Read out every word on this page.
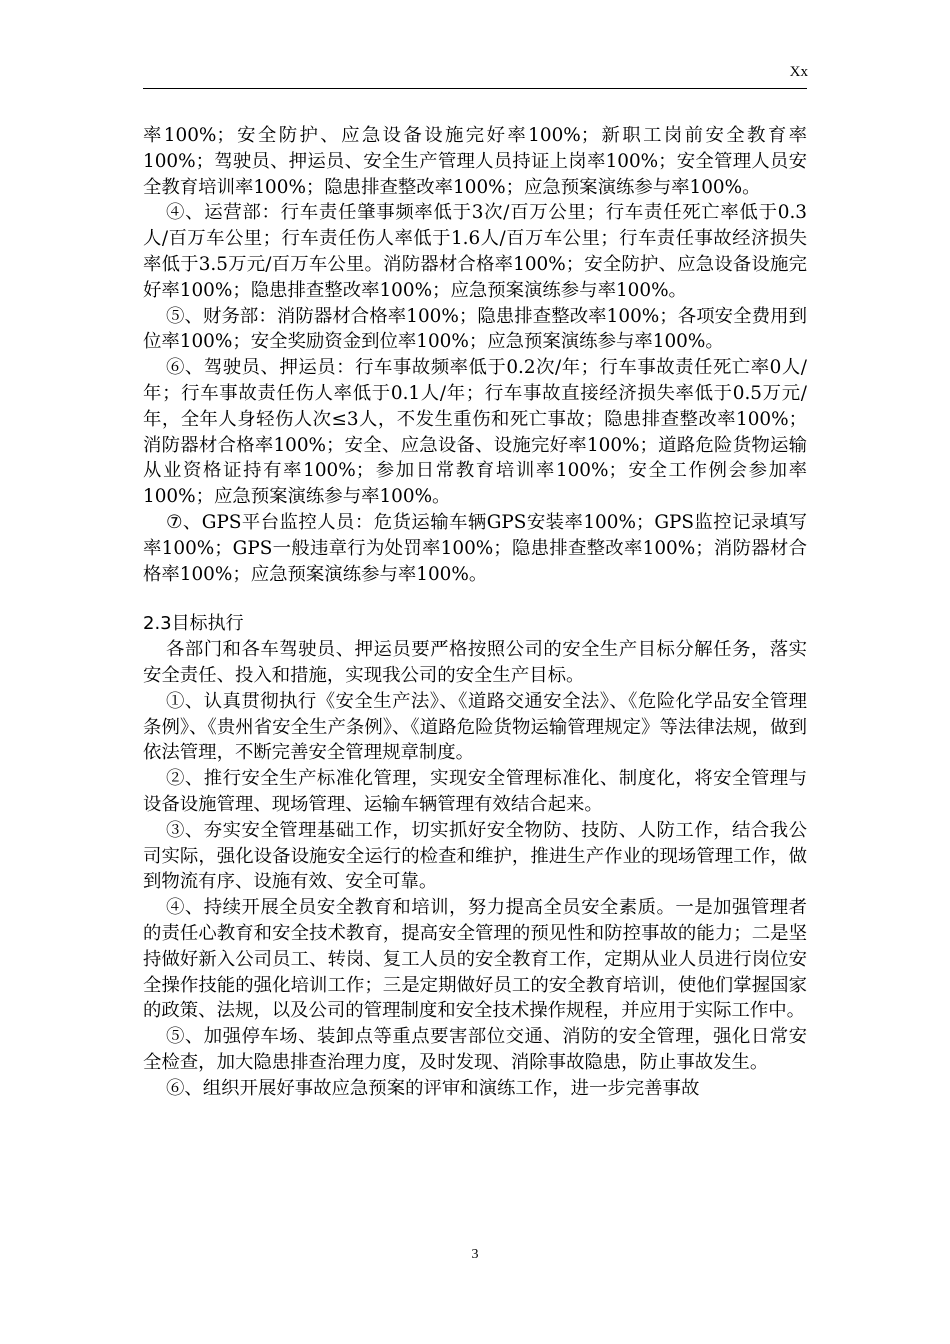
Xx

率100%；安全防护、应急设备设施完好率100%；新职工岗前安全教育率100%；驾驶员、押运员、安全生产管理人员持证上岗率100%；安全管理人员安全教育培训率100%；隐患排查整改率100%；应急预案演练参与率100%。

④、运营部：行车责任肇事频率低于3次/百万公里；行车责任死亡率低于0.3人/百万车公里；行车责任伤人率低于1.6人/百万车公里；行车责任事故经济损失率低于3.5万元/百万车公里。消防器材合格率100%；安全防护、应急设备设施完好率100%；隐患排查整改率100%；应急预案演练参与率100%。

⑤、财务部：消防器材合格率100%；隐患排查整改率100%；各项安全费用到位率100%；安全奖励资金到位率100%；应急预案演练参与率100%。

⑥、驾驶员、押运员：行车事故频率低于0.2次/年；行车事故责任死亡率0人/年；行车事故责任伤人率低于0.1人/年；行车事故直接经济损失率低于0.5万元/年，全年人身轻伤人次≤3人，不发生重伤和死亡事故；隐患排查整改率100%；消防器材合格率100%；安全、应急设备、设施完好率100%；道路危险货物运输从业资格证持有率100%；参加日常教育培训率100%；安全工作例会参加率100%；应急预案演练参与率100%。

⑦、GPS平台监控人员：危货运输车辆GPS安装率100%；GPS监控记录填写率100%；GPS一般违章行为处罚率100%；隐患排查整改率100%；消防器材合格率100%；应急预案演练参与率100%。

2.3目标执行

各部门和各车驾驶员、押运员要严格按照公司的安全生产目标分解任务，落实安全责任、投入和措施，实现我公司的安全生产目标。

①、认真贯彻执行《安全生产法》、《道路交通安全法》、《危险化学品安全管理条例》、《贵州省安全生产条例》、《道路危险货物运输管理规定》等法律法规，做到依法管理，不断完善安全管理规章制度。

②、推行安全生产标准化管理，实现安全管理标准化、制度化，将安全管理与设备设施管理、现场管理、运输车辆管理有效结合起来。

③、夯实安全管理基础工作，切实抓好安全物防、技防、人防工作，结合我公司实际，强化设备设施安全运行的检查和维护，推进生产作业的现场管理工作，做到物流有序、设施有效、安全可靠。

④、持续开展全员安全教育和培训，努力提高全员安全素质。一是加强管理者的责任心教育和安全技术教育，提高安全管理的预见性和防控事故的能力；二是坚持做好新入公司员工、转岗、复工人员的安全教育工作，定期从业人员进行岗位安全操作技能的强化培训工作；三是定期做好员工的安全教育培训，使他们掌握国家的政策、法规，以及公司的管理制度和安全技术操作规程，并应用于实际工作中。

⑤、加强停车场、装卸点等重点要害部位交通、消防的安全管理，强化日常安全检查，加大隐患排查治理力度，及时发现、消除事故隐患，防止事故发生。

⑥、组织开展好事故应急预案的评审和演练工作，进一步完善事故

3
